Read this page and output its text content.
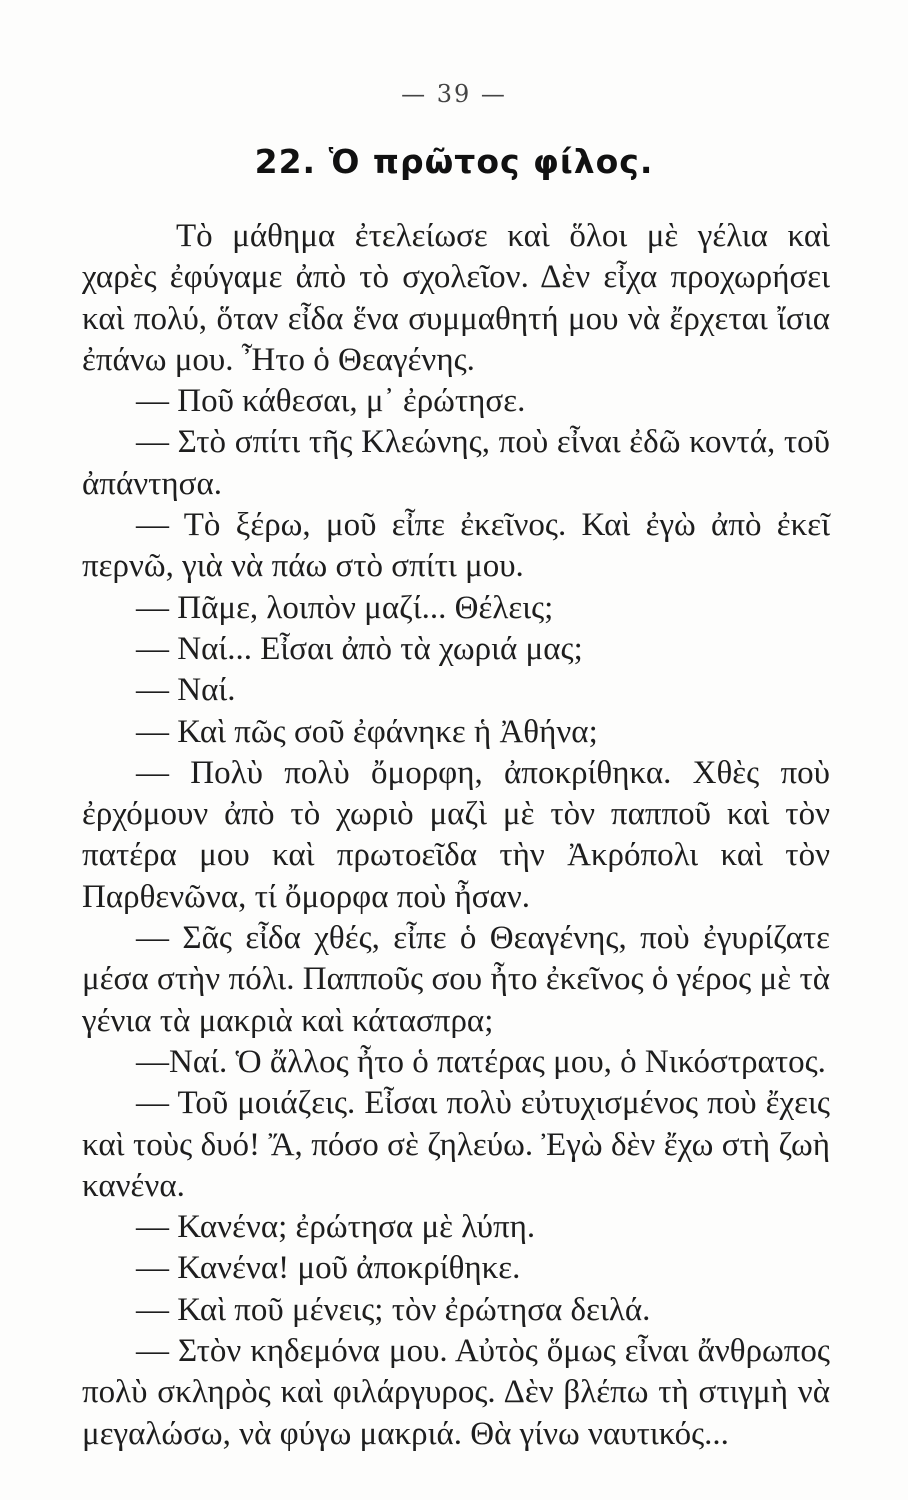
— 39 —
22. Ὁ πρῶτος φίλος.

Τὸ μάθημα ἐτελείωσε καὶ ὅλοι μὲ γέλια καὶ χαρὲς ἐφύγαμε ἀπὸ τὸ σχολεῖον. Δὲν εἶχα προχωρήσει καὶ πολύ, ὅταν εἶδα ἕνα συμμαθητή μου νὰ ἔρχεται ἴσια ἐπάνω μου. Ἦτο ὁ Θεαγένης.

— Ποῦ κάθεσαι, μ᾽ ἐρώτησε.

— Στὸ σπίτι τῆς Κλεώνης, ποὺ εἶναι ἐδῶ κοντά, τοῦ ἀπάντησα.

— Τὸ ξέρω, μοῦ εἶπε ἐκεῖνος. Καὶ ἐγὼ ἀπὸ ἐκεῖ περνῶ, γιὰ νὰ πάω στὸ σπίτι μου.

— Πᾶμε, λοιπὸν μαζί... Θέλεις;

— Ναί... Εἶσαι ἀπὸ τὰ χωριά μας;

— Ναί.

— Καὶ πῶς σοῦ ἐφάνηκε ἡ Ἀθήνα;

— Πολὺ πολὺ ὄμορφη, ἀποκρίθηκα. Χθὲς ποὺ ἐρχόμουν ἀπὸ τὸ χωριὸ μαζὶ μὲ τὸν παπποῦ καὶ τὸν πατέρα μου καὶ πρωτοεῖδα τὴν Ἀκρόπολι καὶ τὸν Παρθενῶνα, τί ὄμορφα ποὺ ἦσαν.

— Σᾶς εἶδα χθές, εἶπε ὁ Θεαγένης, ποὺ ἐγυρίζατε μέσα στὴν πόλι. Παπποῦς σου ἦτο ἐκεῖνος ὁ γέρος μὲ τὰ γένια τὰ μακριὰ καὶ κάτασπρα;

—Ναί. Ὁ ἄλλος ἦτο ὁ πατέρας μου, ὁ Νικόστρατος.

— Τοῦ μοιάζεις. Εἶσαι πολὺ εὐτυχισμένος ποὺ ἔχεις καὶ τοὺς δυό! Ἄ, πόσο σὲ ζηλεύω. Ἐγὼ δὲν ἔχω στὴ ζωὴ κανένα.

— Κανένα; ἐρώτησα μὲ λύπη.

— Κανένα! μοῦ ἀποκρίθηκε.

— Καὶ ποῦ μένεις; τὸν ἐρώτησα δειλά.

— Στὸν κηδεμόνα μου. Αὐτὸς ὅμως εἶναι ἄνθρωπος πολὺ σκληρὸς καὶ φιλάργυρος. Δὲν βλέπω τὴ στιγμὴ νὰ μεγαλώσω, νὰ φύγω μακριά. Θὰ γίνω ναυτικός...
